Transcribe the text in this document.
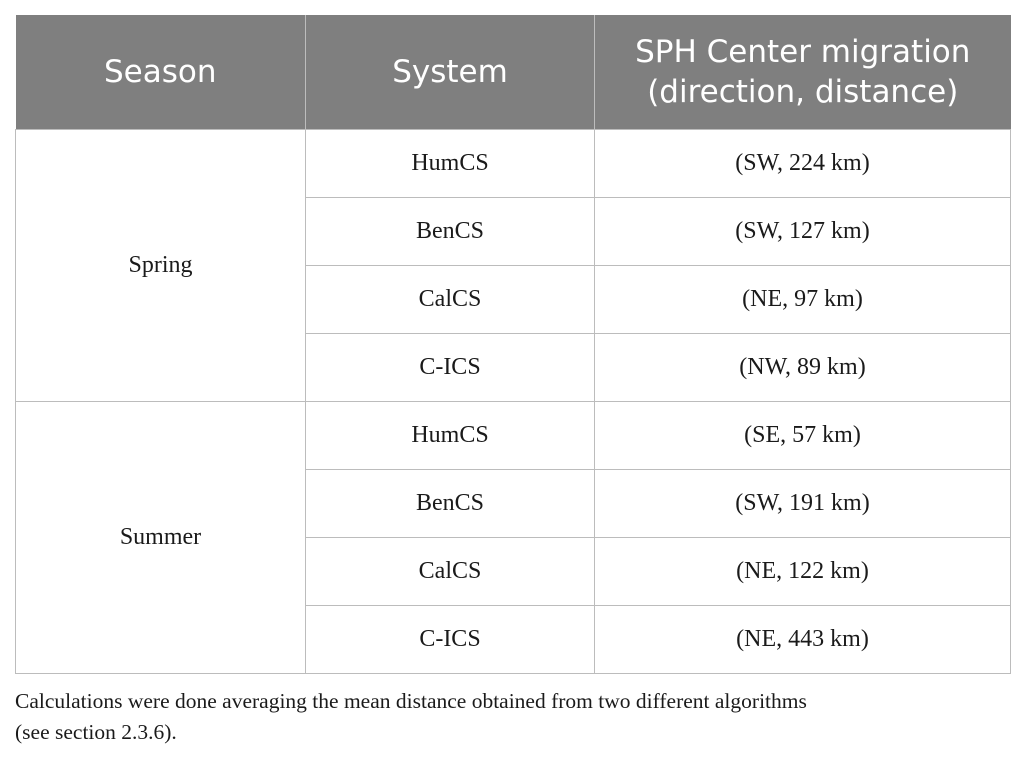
Season	System	SPH Center migration
(direction, distance)
Spring	HumCS	(SW, 224 km)
	BenCS	(SW, 127 km)
	CalCS	(NE, 97 km)
	C-ICS	(NW, 89 km)
Summer	HumCS	(SE, 57 km)
	BenCS	(SW, 191 km)
	CalCS	(NE, 122 km)
	C-ICS	(NE, 443 km)
Calculations were done averaging the mean distance obtained from two different algorithms
(see section 2.3.6).
